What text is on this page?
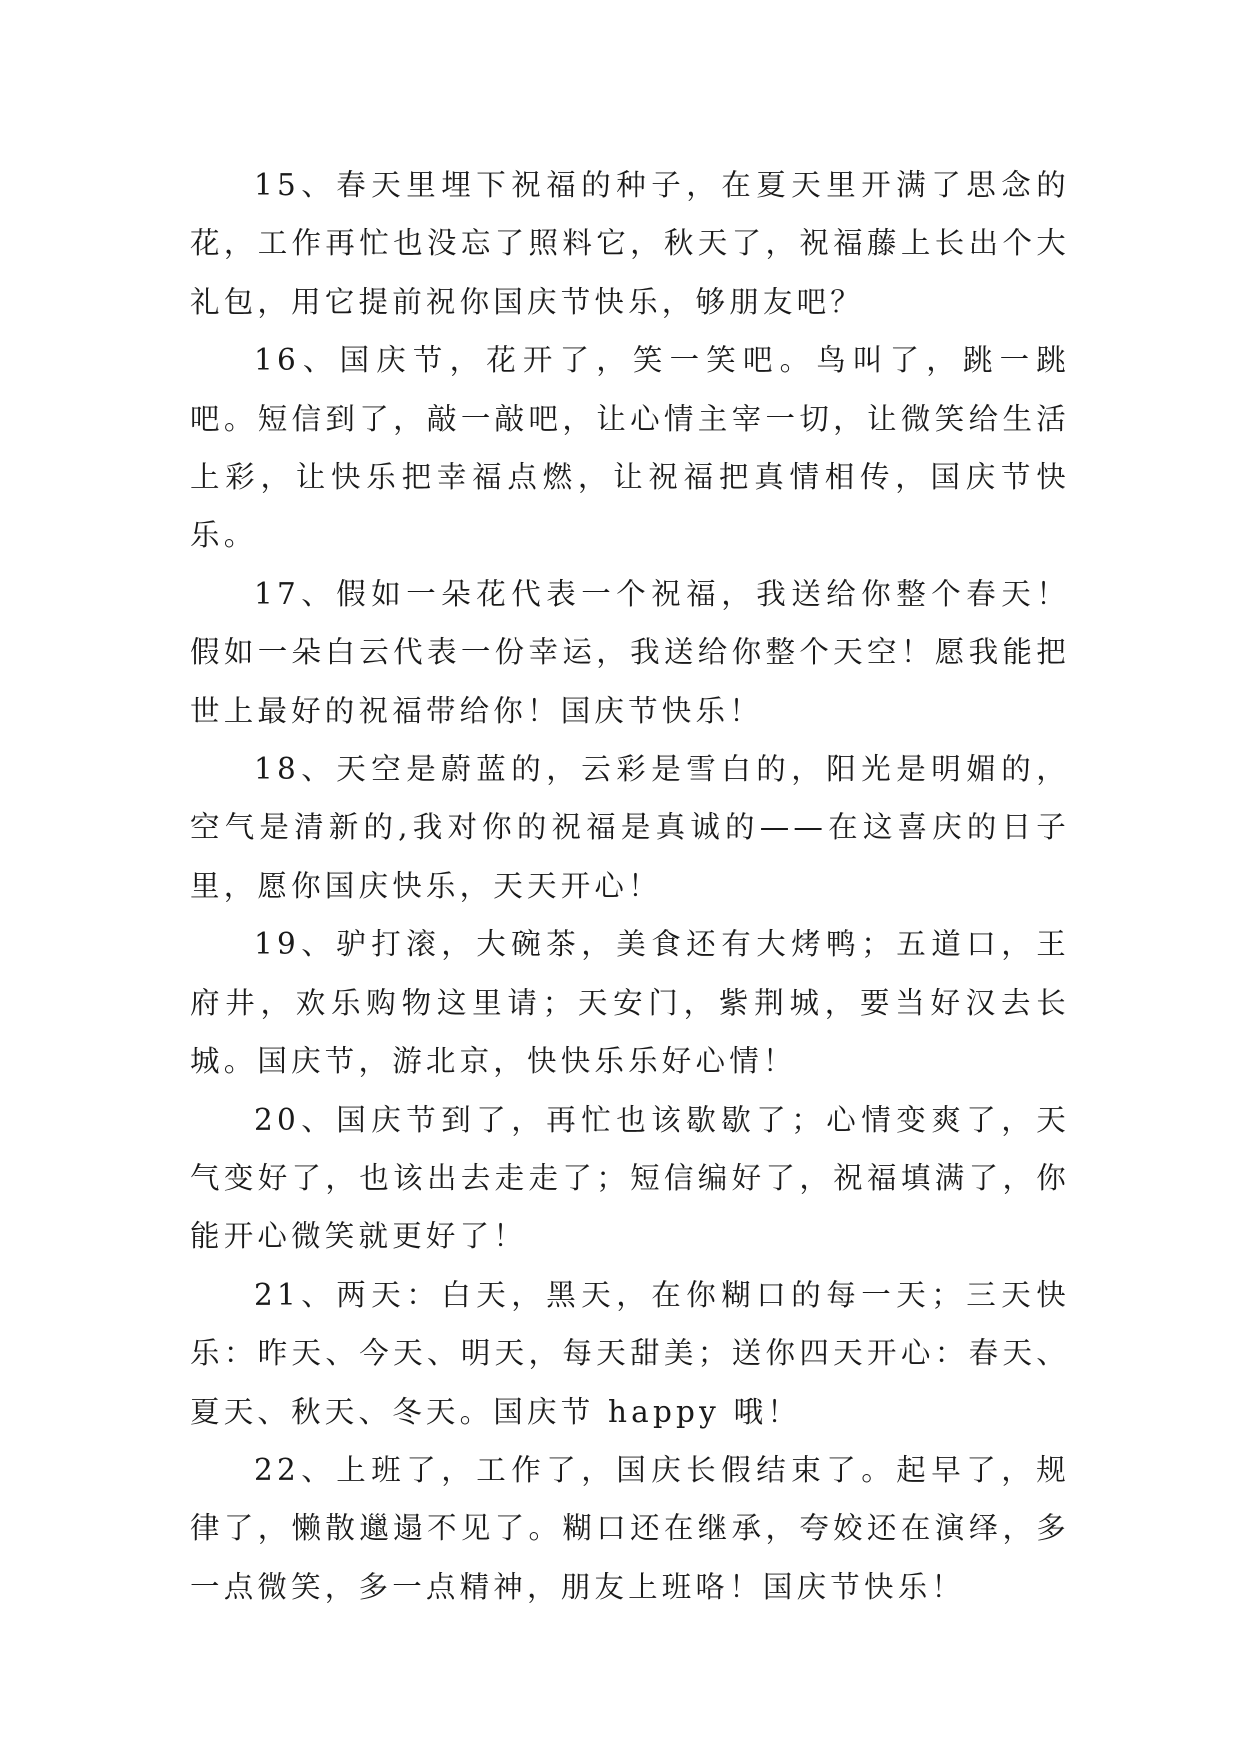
15、春天里埋下祝福的种子，在夏天里开满了思念的花，工作再忙也没忘了照料它，秋天了，祝福藤上长出个大礼包，用它提前祝你国庆节快乐，够朋友吧？

16、国庆节，花开了，笑一笑吧。鸟叫了，跳一跳吧。短信到了，敲一敲吧，让心情主宰一切，让微笑给生活上彩，让快乐把幸福点燃，让祝福把真情相传，国庆节快乐。

17、假如一朵花代表一个祝福，我送给你整个春天！假如一朵白云代表一份幸运，我送给你整个天空！愿我能把世上最好的祝福带给你！国庆节快乐！

18、天空是蔚蓝的，云彩是雪白的，阳光是明媚的，空气是清新的,我对你的祝福是真诚的——在这喜庆的日子里，愿你国庆快乐，天天开心！

19、驴打滚，大碗茶，美食还有大烤鸭；五道口，王府井，欢乐购物这里请；天安门，紫荆城，要当好汉去长城。国庆节，游北京，快快乐乐好心情！

20、国庆节到了，再忙也该歇歇了；心情变爽了，天气变好了，也该出去走走了；短信编好了，祝福填满了，你能开心微笑就更好了！

21、两天：白天，黑天，在你糊口的每一天；三天快乐：昨天、今天、明天，每天甜美；送你四天开心：春天、夏天、秋天、冬天。国庆节 happy 哦！

22、上班了，工作了，国庆长假结束了。起早了，规律了，懒散邋遢不见了。糊口还在继承，夸姣还在演绎，多一点微笑，多一点精神，朋友上班咯！国庆节快乐！
